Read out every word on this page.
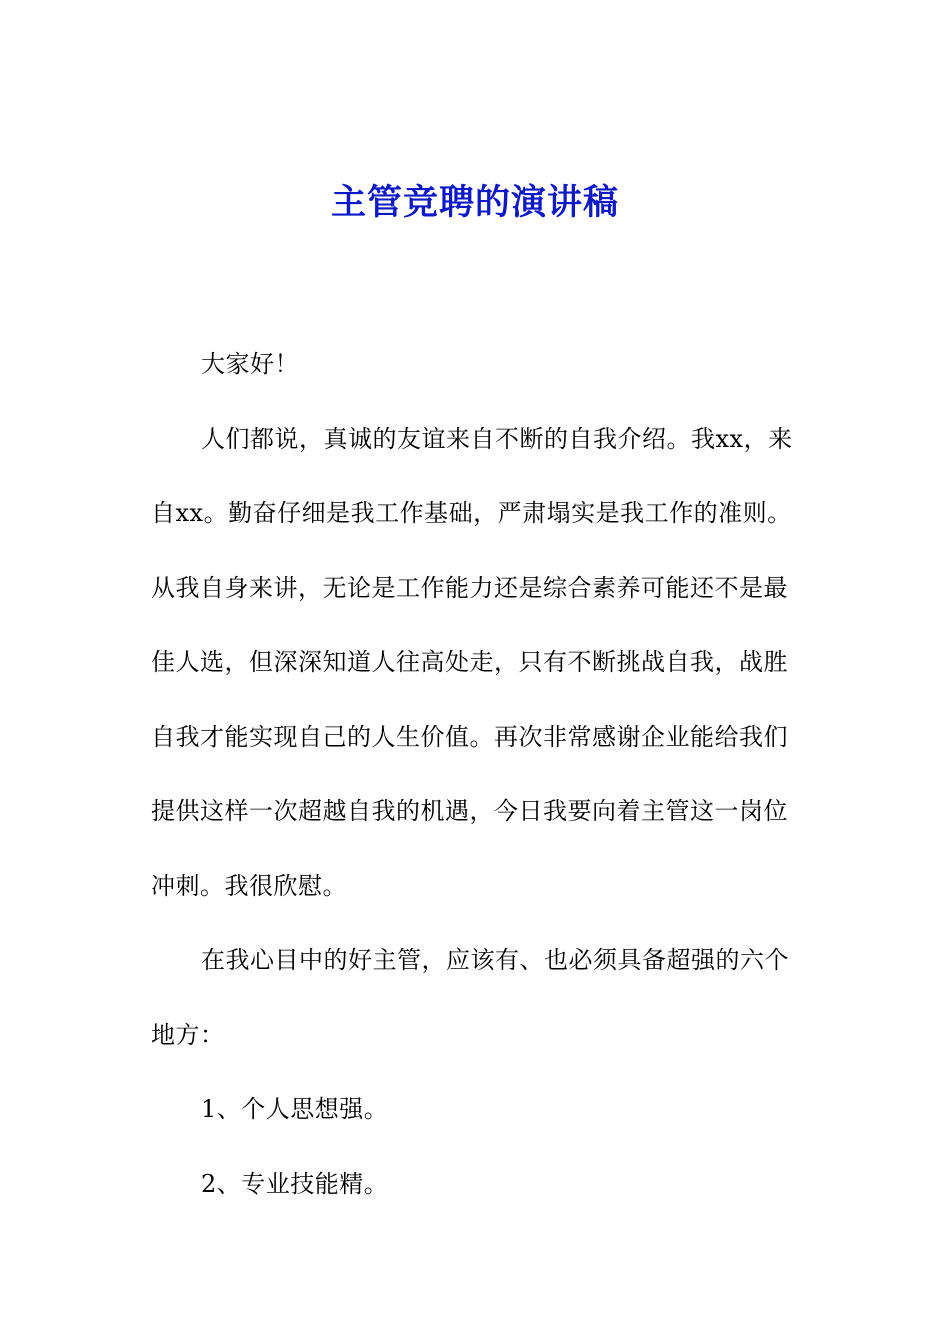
主管竞聘的演讲稿

大家好！

人们都说，真诚的友谊来自不断的自我介绍。我xx，来自xx。勤奋仔细是我工作基础，严肃塌实是我工作的准则。从我自身来讲，无论是工作能力还是综合素养可能还不是最佳人选，但深深知道人往高处走，只有不断挑战自我，战胜自我才能实现自己的人生价值。再次非常感谢企业能给我们提供这样一次超越自我的机遇，今日我要向着主管这一岗位冲刺。我很欣慰。

在我心目中的好主管，应该有、也必须具备超强的六个地方：

1、个人思想强。

2、专业技能精。
